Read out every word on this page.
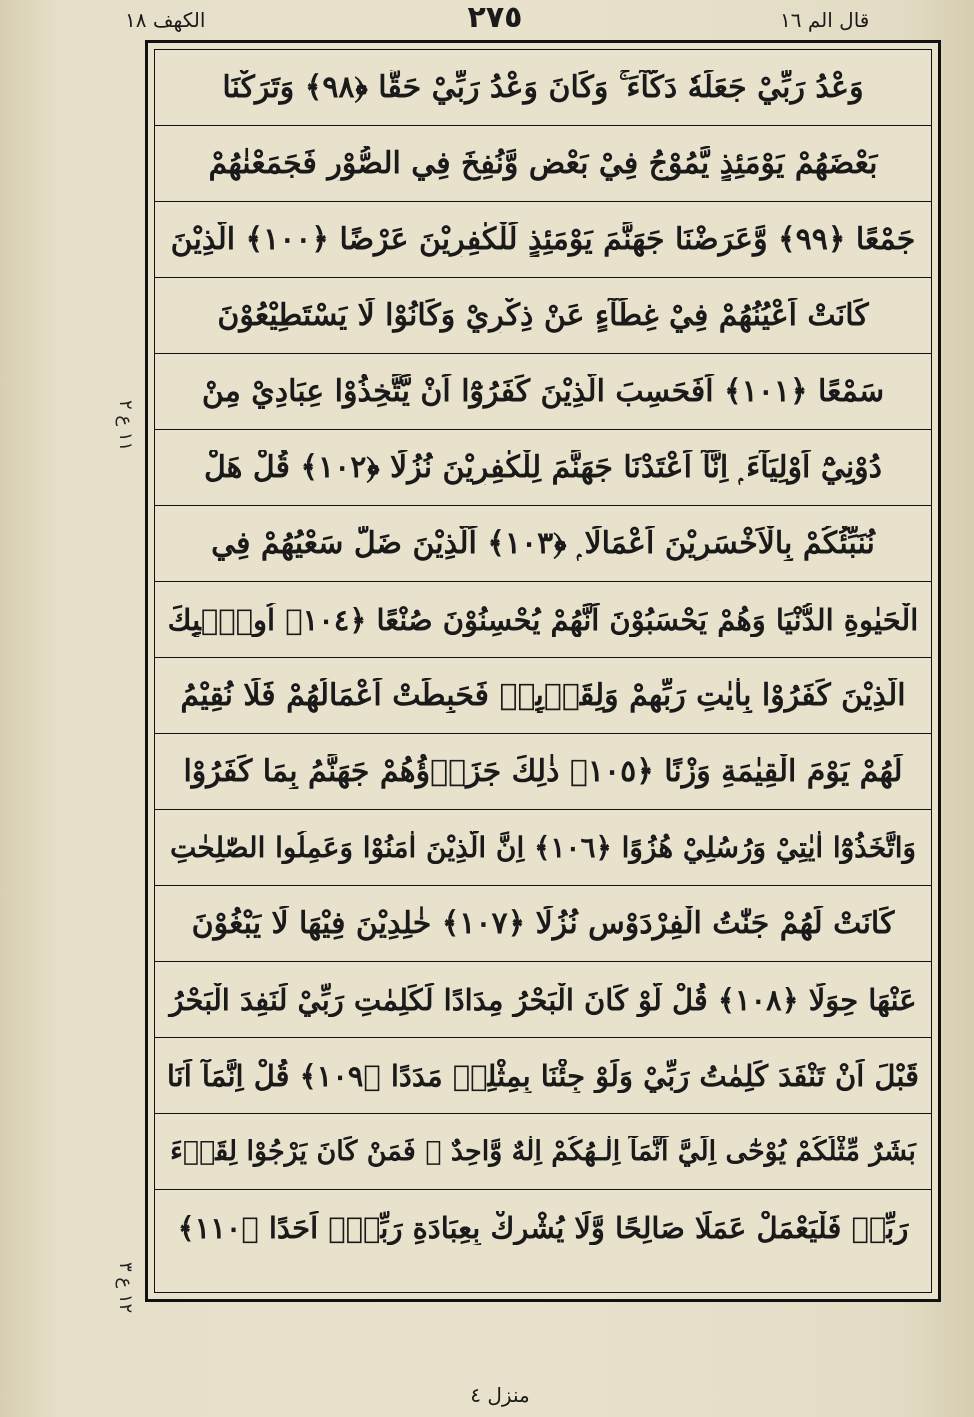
الكهف ١٨	٢٧٥	قال الم ١٦
١١ ع ٢
١٢ ع ٣
وَعْدُ رَبِّيْ جَعَلَهٗ دَكَّآءَ ۚ وَكَانَ وَعْدُ رَبِّيْ حَقًّا ﴿٩٨﴾ وَتَرَكْنَا
بَعْضَهُمْ يَوْمَئِذٍ يَّمُوْجُ فِيْ بَعْضٍ وَّنُفِخَ فِي الصُّوْرِ فَجَمَعْنٰهُمْ
جَمْعًا ﴿٩٩﴾ وَّعَرَضْنَا جَهَنَّمَ يَوْمَئِذٍ لِّلْكٰفِرِيْنَ عَرْضًا ﴿١٠٠﴾ الَّذِيْنَ
كَانَتْ اَعْيُنُهُمْ فِيْ غِطَآءٍ عَنْ ذِكْرِيْ وَكَانُوْا لَا يَسْتَطِيْعُوْنَ
سَمْعًا ﴿١٠١﴾ اَفَحَسِبَ الَّذِيْنَ كَفَرُوْٓا اَنْ يَّتَّخِذُوْا عِبَادِيْ مِنْ
دُوْنِيْٓ اَوْلِيَآءَ ۭ اِنَّآ اَعْتَدْنَا جَهَنَّمَ لِلْكٰفِرِيْنَ نُزُلًا ﴿١٠٢﴾ قُلْ هَلْ
نُنَبِّئُكُمْ بِالْاَخْسَرِيْنَ اَعْمَالًا ۭ ﴿١٠٣﴾ اَلَّذِيْنَ ضَلَّ سَعْيُهُمْ فِي
الْحَيٰوةِ الدُّنْيَا وَهُمْ يَحْسَبُوْنَ اَنَّهُمْ يُحْسِنُوْنَ صُنْعًا ﴿١٠٤﴾ اُولٰۗىِٕكَ
الَّذِيْنَ كَفَرُوْا بِاٰيٰتِ رَبِّهِمْ وَلِقَاۗىِٕهٖ فَحَبِطَتْ اَعْمَالُهُمْ فَلَا نُقِيْمُ
لَهُمْ يَوْمَ الْقِيٰمَةِ وَزْنًا ﴿١٠٥﴾ ذٰلِكَ جَزَاۗؤُهُمْ جَهَنَّمُ بِمَا كَفَرُوْا
وَاتَّخَذُوْٓا اٰيٰتِيْ وَرُسُلِيْ هُزُوًا ﴿١٠٦﴾ اِنَّ الَّذِيْنَ اٰمَنُوْا وَعَمِلُوا الصّٰلِحٰتِ
كَانَتْ لَهُمْ جَنّٰتُ الْفِرْدَوْسِ نُزُلًا ﴿١٠٧﴾ خٰلِدِيْنَ فِيْهَا لَا يَبْغُوْنَ
عَنْهَا حِوَلًا ﴿١٠٨﴾ قُلْ لَّوْ كَانَ الْبَحْرُ مِدَادًا لِّكَلِمٰتِ رَبِّيْ لَنَفِدَ الْبَحْرُ
قَبْلَ اَنْ تَنْفَدَ كَلِمٰتُ رَبِّيْ وَلَوْ جِئْنَا بِمِثْلِهٖ مَدَدًا ﴿١٠٩﴾ قُلْ اِنَّمَآ اَنَا
بَشَرٌ مِّثْلُكُمْ يُوْحٰٓى اِلَيَّ اَنَّمَآ اِلٰـهُكُمْ اِلٰهٌ وَّاحِدٌ ۚ فَمَنْ كَانَ يَرْجُوْا لِقَاۗءَ
رَبِّهٖ فَلْيَعْمَلْ عَمَلًا صَالِحًا وَّلَا يُشْرِكْ بِعِبَادَةِ رَبِّهٖٓ اَحَدًا ﴿١١٠﴾
منزل ٤
